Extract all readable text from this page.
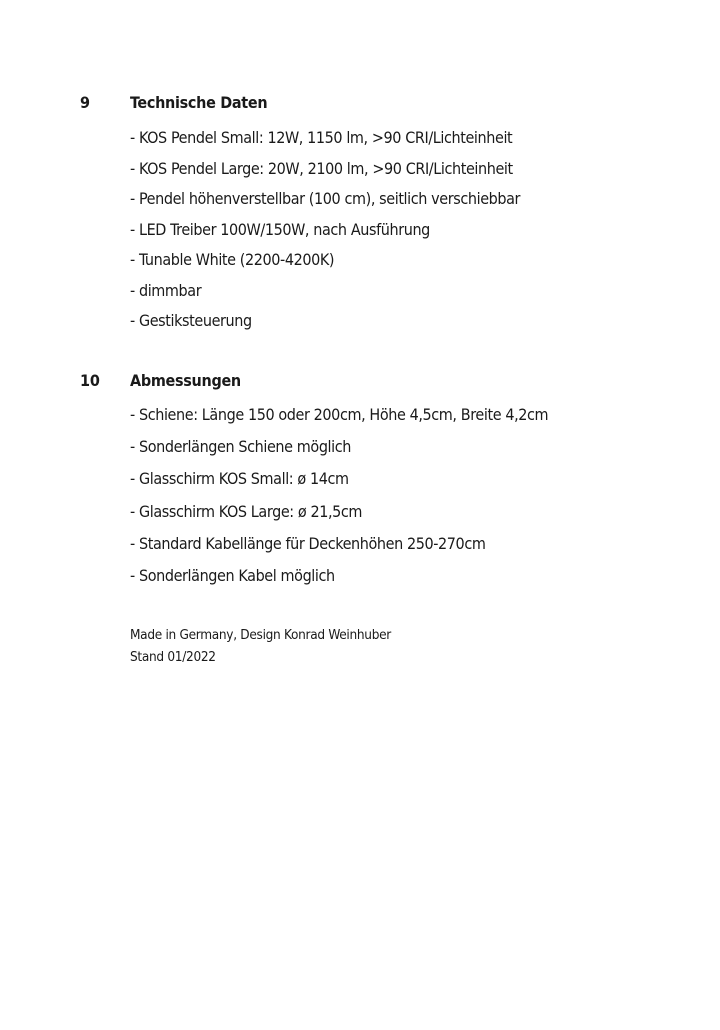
9	Technische Daten
- KOS Pendel Small: 12W, 1150 lm, >90 CRI/Lichteinheit
- KOS Pendel Large: 20W, 2100 lm, >90 CRI/Lichteinheit
- Pendel höhenverstellbar (100 cm), seitlich verschiebbar
- LED Treiber 100W/150W, nach Ausführung
- Tunable White (2200-4200K)
- dimmbar
- Gestiksteuerung
10 Abmessungen
- Schiene: Länge 150 oder 200cm, Höhe 4,5cm, Breite 4,2cm
- Sonderlängen Schiene möglich
- Glasschirm KOS Small: ø 14cm
- Glasschirm KOS Large: ø 21,5cm
- Standard Kabellänge für Deckenhöhen 250-270cm
- Sonderlängen Kabel möglich
Made in Germany, Design Konrad Weinhuber
Stand 01/2022
